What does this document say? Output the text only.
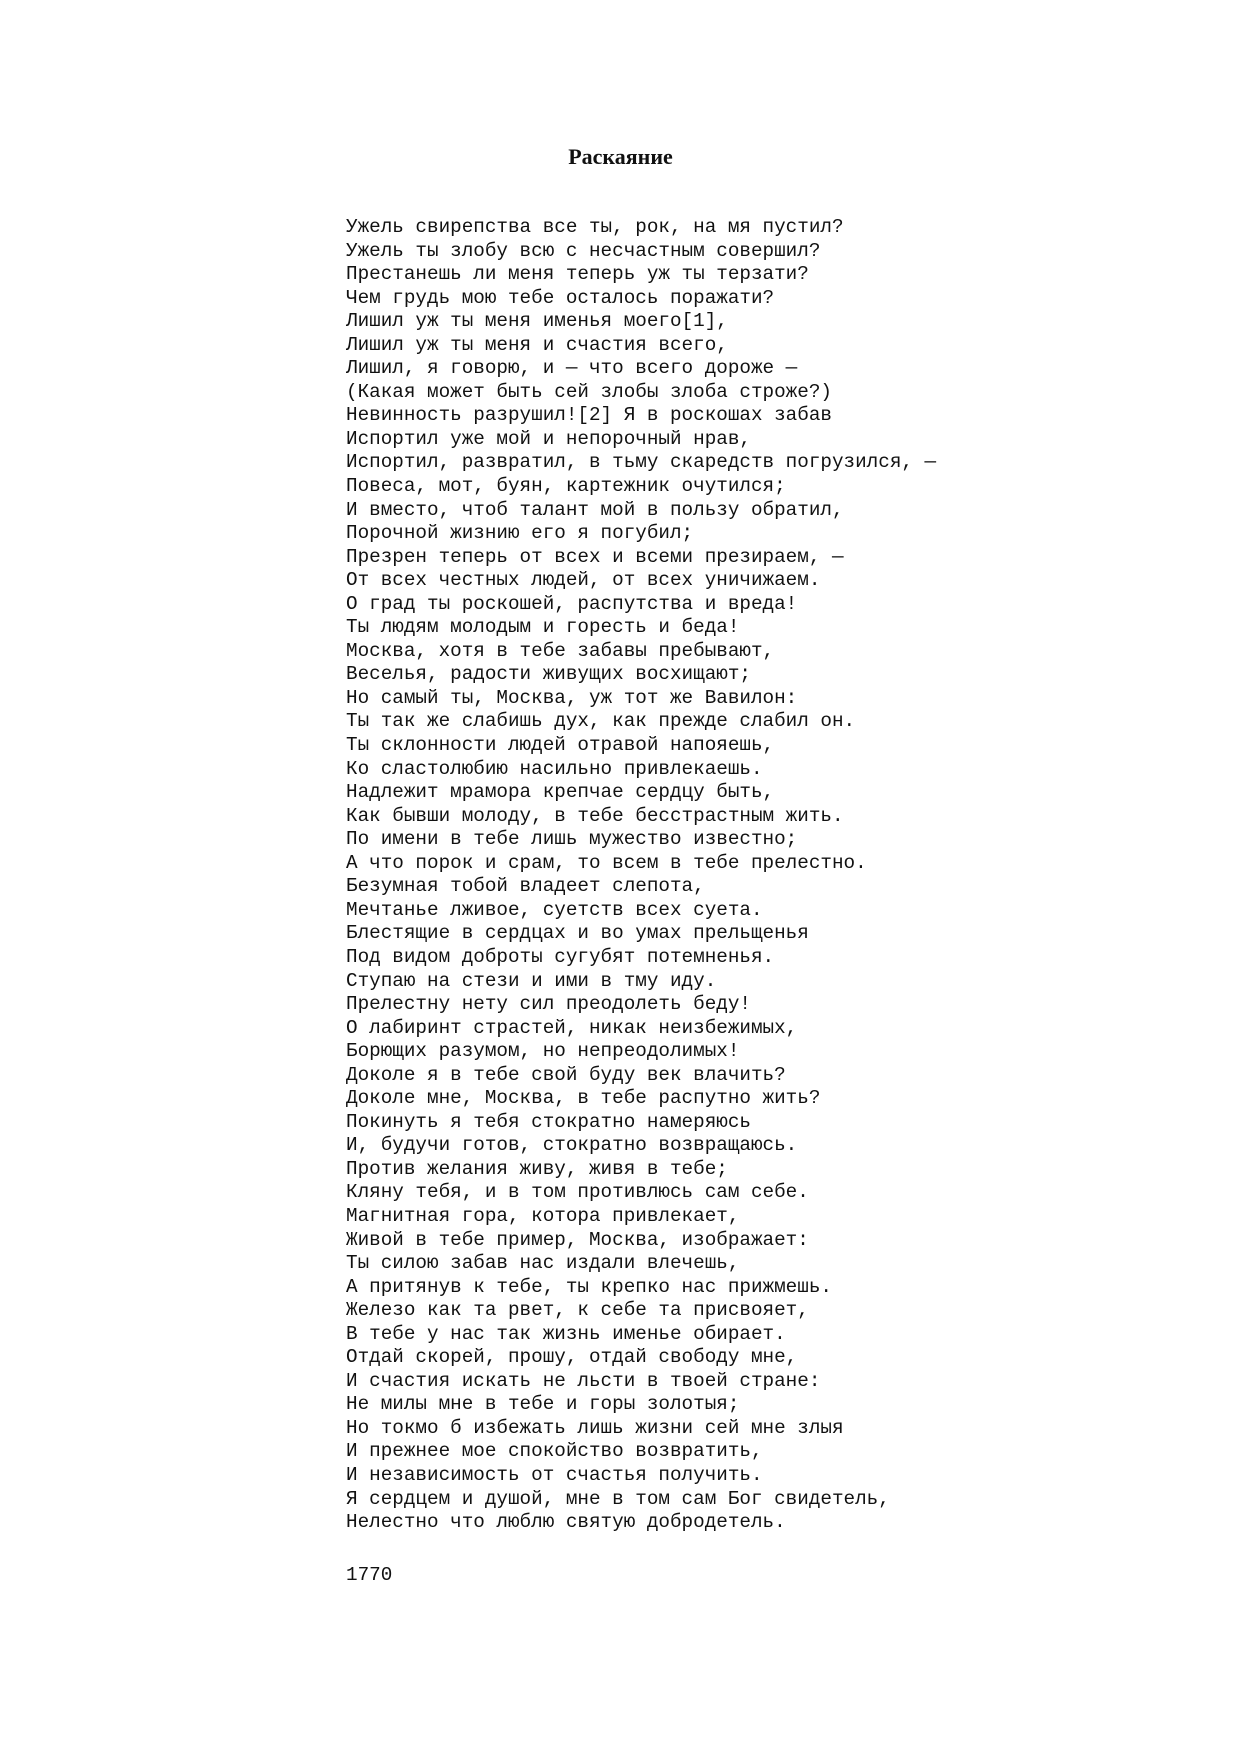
Раскаяние
Ужель свирепства все ты, рок, на мя пустил?
Ужель ты злобу всю с несчастным совершил?
Престанешь ли меня теперь уж ты терзати?
Чем грудь мою тебе осталось поражати?
Лишил уж ты меня именья моего[1],
Лишил уж ты меня и счастия всего,
Лишил, я говорю, и — что всего дороже —
(Какая может быть сей злобы злоба строже?)
Невинность разрушил![2] Я в роскошах забав
Испортил уже мой и непорочный нрав,
Испортил, развратил, в тьму скаредств погрузился, —
Повеса, мот, буян, картежник очутился;
И вместо, чтоб талант мой в пользу обратил,
Порочной жизнию его я погубил;
Презрен теперь от всех и всеми презираем, —
От всех честных людей, от всех уничижаем.
О град ты роскошей, распутства и вреда!
Ты людям молодым и горесть и беда!
Москва, хотя в тебе забавы пребывают,
Веселья, радости живущих восхищают;
Но самый ты, Москва, уж тот же Вавилон:
Ты так же слабишь дух, как прежде слабил он.
Ты склонности людей отравой напояешь,
Ко сластолюбию насильно привлекаешь.
Надлежит мрамора крепчае сердцу быть,
Как бывши молоду, в тебе бесстрастным жить.
По имени в тебе лишь мужество известно;
А что порок и срам, то всем в тебе прелестно.
Безумная тобой владеет слепота,
Мечтанье лживое, суетств всех суета.
Блестящие в сердцах и во умах прельщенья
Под видом доброты сугубят потемненья.
Ступаю на стези и ими в тму иду.
Прелестну нету сил преодолеть беду!
О лабиринт страстей, никак неизбежимых,
Борющих разумом, но непреодолимых!
Доколе я в тебе свой буду век влачить?
Доколе мне, Москва, в тебе распутно жить?
Покинуть я тебя стократно намеряюсь
И, будучи готов, стократно возвращаюсь.
Против желания живу, живя в тебе;
Кляну тебя, и в том противлюсь сам себе.
Магнитная гора, котора привлекает,
Живой в тебе пример, Москва, изображает:
Ты силою забав нас издали влечешь,
А притянув к тебе, ты крепко нас прижмешь.
Железо как та рвет, к себе та присвояет,
В тебе у нас так жизнь именье обирает.
Отдай скорей, прошу, отдай свободу мне,
И счастия искать не льсти в твоей стране:
Не милы мне в тебе и горы золотыя;
Но токмо б избежать лишь жизни сей мне злыя
И прежнее мое спокойство возвратить,
И независимость от счастья получить.
Я сердцем и душой, мне в том сам Бог свидетель,
Нелестно что люблю святую добродетель.

1770
